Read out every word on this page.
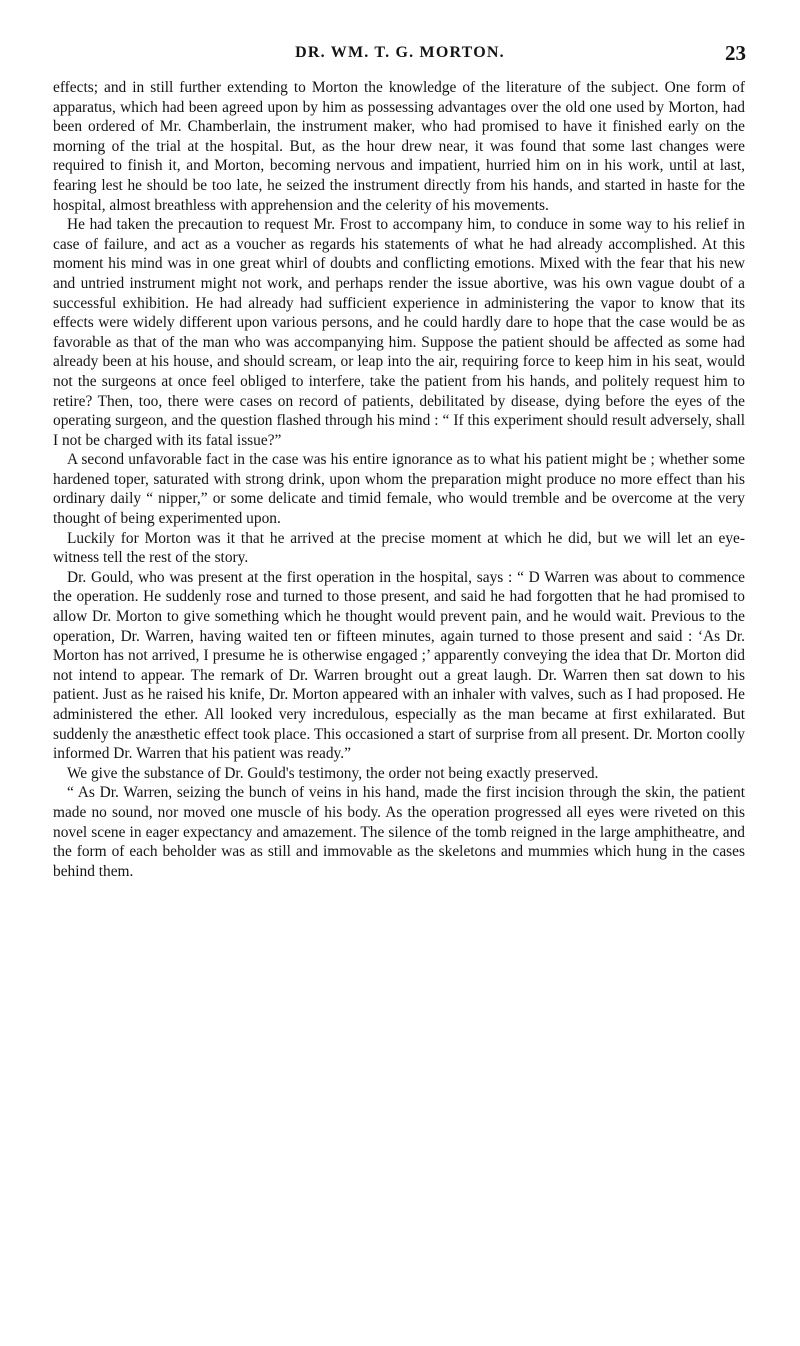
DR. WM. T. G. MORTON.	23

effects; and in still further extending to Morton the knowledge of the literature of the subject. One form of apparatus, which had been agreed upon by him as possessing advantages over the old one used by Morton, had been ordered of Mr. Chamberlain, the instrument maker, who had promised to have it finished early on the morning of the trial at the hospital. But, as the hour drew near, it was found that some last changes were required to finish it, and Morton, becoming nervous and impatient, hurried him on in his work, until at last, fearing lest he should be too late, he seized the instrument directly from his hands, and started in haste for the hospital, almost breathless with apprehension and the celerity of his movements.

He had taken the precaution to request Mr. Frost to accompany him, to conduce in some way to his relief in case of failure, and act as a voucher as regards his statements of what he had already accomplished. At this moment his mind was in one great whirl of doubts and conflicting emotions. Mixed with the fear that his new and untried instrument might not work, and perhaps render the issue abortive, was his own vague doubt of a successful exhibition. He had already had sufficient experience in administering the vapor to know that its effects were widely different upon various persons, and he could hardly dare to hope that the case would be as favorable as that of the man who was accompanying him. Suppose the patient should be affected as some had already been at his house, and should scream, or leap into the air, requiring force to keep him in his seat, would not the surgeons at once feel obliged to interfere, take the patient from his hands, and politely request him to retire? Then, too, there were cases on record of patients, debilitated by disease, dying before the eyes of the operating surgeon, and the question flashed through his mind : “ If this experiment should result adversely, shall I not be charged with its fatal issue?”

A second unfavorable fact in the case was his entire ignorance as to what his patient might be ; whether some hardened toper, saturated with strong drink, upon whom the preparation might produce no more effect than his ordinary daily “ nipper,” or some delicate and timid female, who would tremble and be overcome at the very thought of being experimented upon.

Luckily for Morton was it that he arrived at the precise moment at which he did, but we will let an eye-witness tell the rest of the story.

Dr. Gould, who was present at the first operation in the hospital, says : “ D Warren was about to commence the operation. He suddenly rose and turned to those present, and said he had forgotten that he had promised to allow Dr. Morton to give something which he thought would prevent pain, and he would wait. Previous to the operation, Dr. Warren, having waited ten or fifteen minutes, again turned to those present and said : ‘As Dr. Morton has not arrived, I presume he is otherwise engaged ;’ apparently conveying the idea that Dr. Morton did not intend to appear. The remark of Dr. Warren brought out a great laugh. Dr. Warren then sat down to his patient. Just as he raised his knife, Dr. Morton appeared with an inhaler with valves, such as I had proposed. He administered the ether. All looked very incredulous, especially as the man became at first exhilarated. But suddenly the anæsthetic effect took place. This occasioned a start of surprise from all present. Dr. Morton coolly informed Dr. Warren that his patient was ready.”

We give the substance of Dr. Gould's testimony, the order not being exactly preserved.

“ As Dr. Warren, seizing the bunch of veins in his hand, made the first incision through the skin, the patient made no sound, nor moved one muscle of his body. As the operation progressed all eyes were riveted on this novel scene in eager expectancy and amazement. The silence of the tomb reigned in the large amphitheatre, and the form of each beholder was as still and immovable as the skeletons and mummies which hung in the cases behind them.
